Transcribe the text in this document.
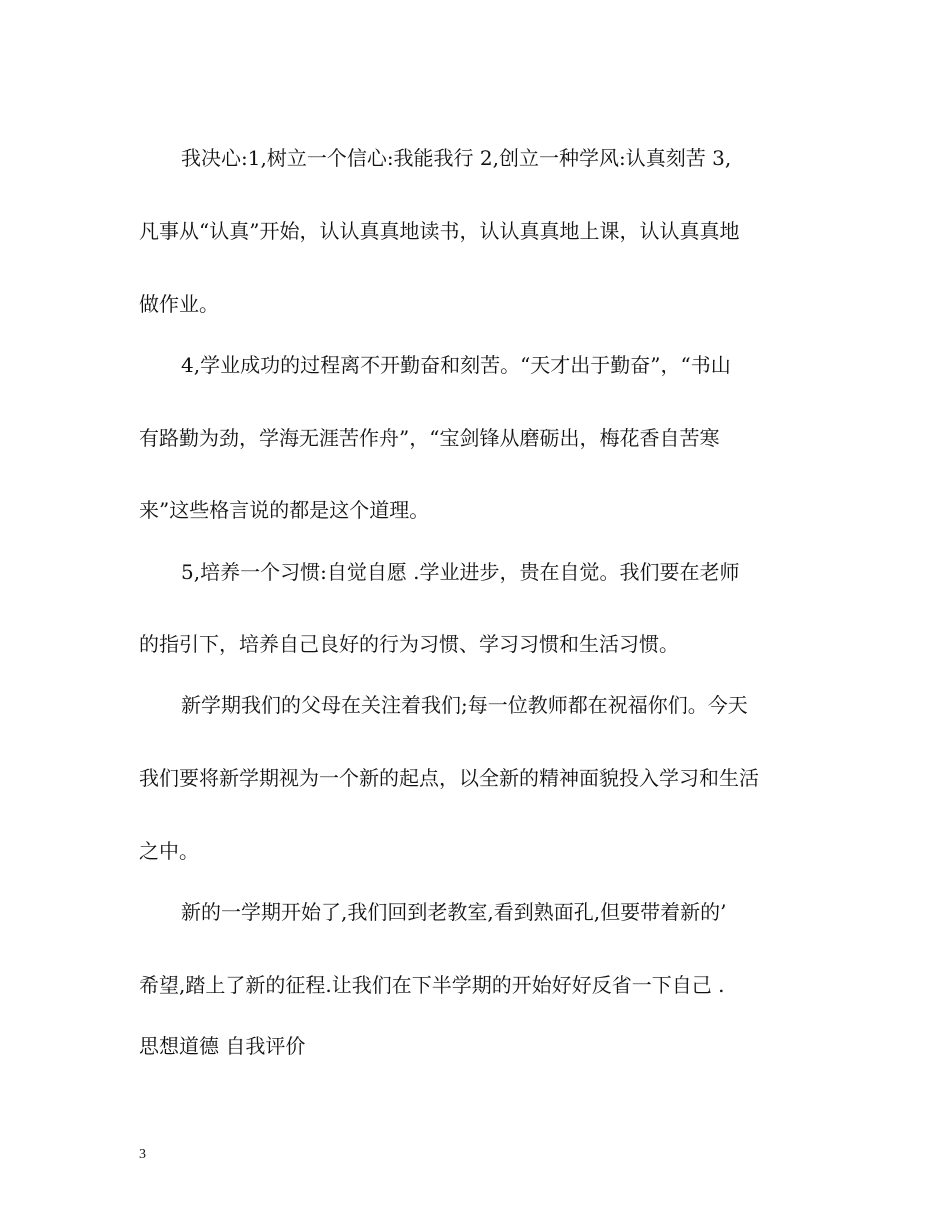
我决心:1,树立一个信心:我能我行 2,创立一种学风:认真刻苦 3,
凡事从“认真”开始，认认真真地读书，认认真真地上课，认认真真地
做作业。
4,学业成功的过程离不开勤奋和刻苦。“天才出于勤奋”，“书山
有路勤为劲，学海无涯苦作舟”，“宝剑锋从磨砺出，梅花香自苦寒
来”这些格言说的都是这个道理。
5,培养一个习惯:自觉自愿 .学业进步，贵在自觉。我们要在老师
的指引下，培养自己良好的行为习惯、学习习惯和生活习惯。
新学期我们的父母在关注着我们;每一位教师都在祝福你们。今天
我们要将新学期视为一个新的起点，以全新的精神面貌投入学习和生活
之中。
新的一学期开始了,我们回到老教室,看到熟面孔,但要带着新的’
希望,踏上了新的征程.让我们在下半学期的开始好好反省一下自己 .
思想道德 自我评价
3
